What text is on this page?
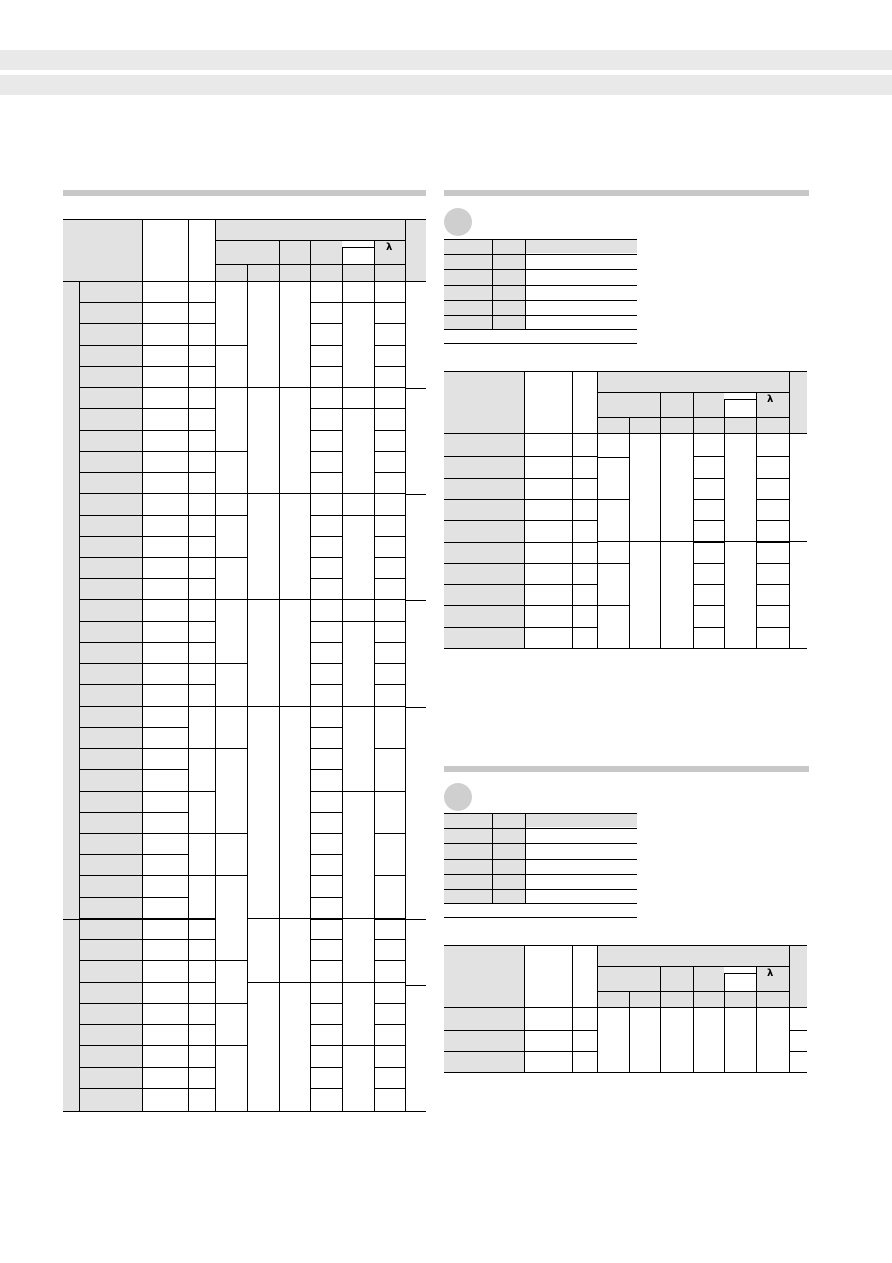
λ
λ
λ
